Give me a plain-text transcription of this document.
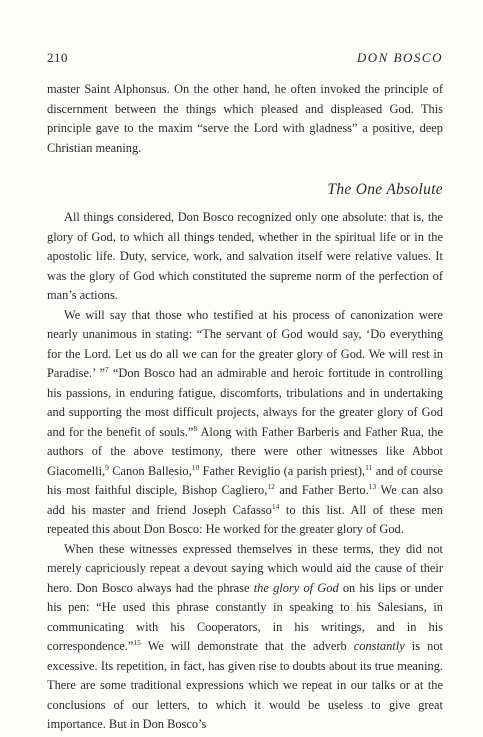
210	DON BOSCO

master Saint Alphonsus. On the other hand, he often invoked the principle of discernment between the things which pleased and displeased God. This principle gave to the maxim “serve the Lord with gladness” a positive, deep Christian meaning.

The One Absolute

All things considered, Don Bosco recognized only one absolute: that is, the glory of God, to which all things tended, whether in the spiritual life or in the apostolic life. Duty, service, work, and salvation itself were relative values. It was the glory of God which constituted the supreme norm of the perfection of man’s actions.

We will say that those who testified at his process of canonization were nearly unanimous in stating: “The servant of God would say, ‘Do everything for the Lord. Let us do all we can for the greater glory of God. We will rest in Paradise.’ ”$^7$ “Don Bosco had an admirable and heroic fortitude in controlling his passions, in enduring fatigue, discomforts, tribulations and in undertaking and supporting the most difficult projects, always for the greater glory of God and for the benefit of souls.”$^8$ Along with Father Barberis and Father Rua, the authors of the above testimony, there were other witnesses like Abbot Giacomelli,$^9$ Canon Ballesio,$^{10}$ Father Reviglio (a parish priest),$^{11}$ and of course his most faithful disciple, Bishop Cagliero,$^{12}$ and Father Berto.$^{13}$ We can also add his master and friend Joseph Cafasso$^{14}$ to this list. All of these men repeated this about Don Bosco: He worked for the greater glory of God.

When these witnesses expressed themselves in these terms, they did not merely capriciously repeat a devout saying which would aid the cause of their hero. Don Bosco always had the phrase the glory of God on his lips or under his pen: “He used this phrase constantly in speaking to his Salesians, in communicating with his Cooperators, in his writings, and in his correspondence.”$^{15}$ We will demonstrate that the adverb constantly is not excessive. Its repetition, in fact, has given rise to doubts about its true meaning. There are some traditional expressions which we repeat in our talks or at the conclusions of our letters, to which it would be useless to give great importance. But in Don Bosco’s
